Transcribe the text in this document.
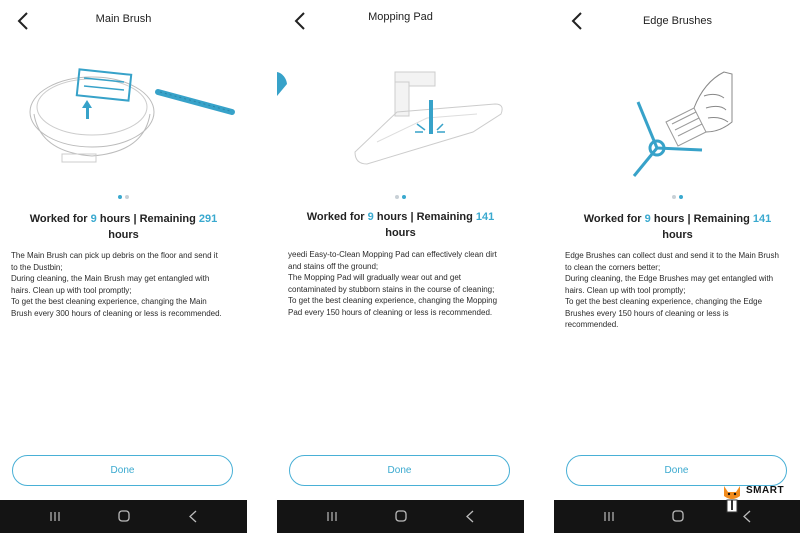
Main Brush
Worked for 9 hours | Remaining 291
hours
The Main Brush can pick up debris on the floor and send it
to the Dustbin;
During cleaning, the Main Brush may get entangled with
hairs. Clean up with tool promptly;
To get the best cleaning experience, changing the Main
Brush every 300 hours of cleaning or less is recommended.
Done
Mopping Pad
Worked for 9 hours | Remaining 141
hours
yeedi Easy-to-Clean Mopping Pad can effectively clean dirt
and stains off the ground;
The Mopping Pad will gradually wear out and get
contaminated by stubborn stains in the course of cleaning;
To get the best cleaning experience, changing the Mopping
Pad every 150 hours of cleaning or less is recommended.
Done
Edge Brushes
Worked for 9 hours | Remaining 141
hours
Edge Brushes can collect dust and send it to the Main Brush
to clean the corners better;
During cleaning, the Edge Brushes may get entangled with
hairs. Clean up with tool promptly;
To get the best cleaning experience, changing the Edge
Brushes every 150 hours of cleaning or less is
recommended.
Done
SMART
